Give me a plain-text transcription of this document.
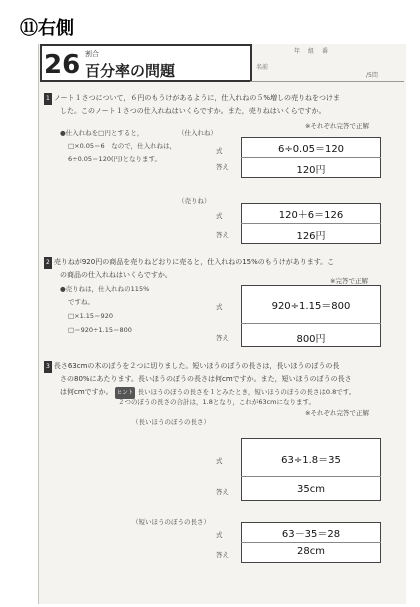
⑪右側
26 割合
百分率の問題
年　組　番
名前
/5問
1 ノート１さつについて，６円のもうけがあるように，仕入れねの５%増しの売りねをつけま
した。このノート１さつの仕入れねはいくらですか。また，売りねはいくらですか。
※それぞれ完答で正解
●仕入れねを□円とすると，
□×0.05＝6　なので，仕入れねは，
6÷0.05＝120(円)となります。
（仕入れね）
式
答え
6÷0.05＝120
120円
（売りね）
式
答え
120＋6＝126
126円
2 売りねが920円の商品を売りねどおりに売ると，仕入れねの15%のもうけがあります。こ
の商品の仕入れねはいくらですか。
※完答で正解
●売りねは，仕入れねの115%
ですね。
□×1.15＝920
□＝920÷1.15＝800
式
答え
920÷1.15＝800
800円
3 長さ63cmの木のぼうを２つに切りました。短いほうのぼうの長さは，長いほうのぼうの長
さの80%にあたります。長いほうのぼうの長さは何cmですか。また，短いほうのぼうの長さ
は何cmですか。 ヒント 長いほうのぼうの長さを１とみたとき，短いほうのぼうの長さは0.8です。
２つのぼうの長さの合計は，1.8となり，これが63cmになります。
※それぞれ完答で正解
（長いほうのぼうの長さ）
式
答え
63÷1.8＝35
35cm
（短いほうのぼうの長さ）
式
答え
63－35＝28
28cm
